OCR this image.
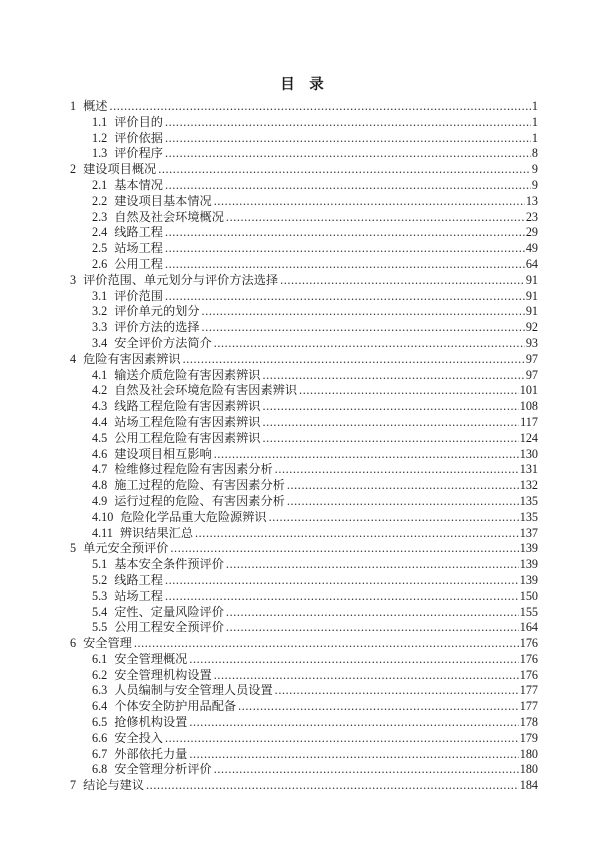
目　录
1 概述 .....	1
1.1 评价目的 .....	1
1.2 评价依据 .....	1
1.3 评价程序 .....	8
2 建设项目概况 .....	9
2.1 基本情况 .....	9
2.2 建设项目基本情况 .....	13
2.3 自然及社会环境概况 .....	23
2.4 线路工程 .....	29
2.5 站场工程 .....	49
2.6 公用工程 .....	64
3 评价范围、单元划分与评价方法选择 .....	91
3.1 评价范围 .....	91
3.2 评价单元的划分 .....	91
3.3 评价方法的选择 .....	92
3.4 安全评价方法简介 .....	93
4 危险有害因素辨识 .....	97
4.1 输送介质危险有害因素辨识 .....	97
4.2 自然及社会环境危险有害因素辨识 .....	101
4.3 线路工程危险有害因素辨识 .....	108
4.4 站场工程危险有害因素辨识 .....	117
4.5 公用工程危险有害因素辨识 .....	124
4.6 建设项目相互影响 .....	130
4.7 检维修过程危险有害因素分析 .....	131
4.8 施工过程的危险、有害因素分析 .....	132
4.9 运行过程的危险、有害因素分析 .....	135
4.10 危险化学品重大危险源辨识 .....	135
4.11 辨识结果汇总 .....	137
5 单元安全预评价 .....	139
5.1 基本安全条件预评价 .....	139
5.2 线路工程 .....	139
5.3 站场工程 .....	150
5.4 定性、定量风险评价 .....	155
5.5 公用工程安全预评价 .....	164
6 安全管理 .....	176
6.1 安全管理概况 .....	176
6.2 安全管理机构设置 .....	176
6.3 人员编制与安全管理人员设置 .....	177
6.4 个体安全防护用品配备 .....	177
6.5 抢修机构设置 .....	178
6.6 安全投入 .....	179
6.7 外部依托力量 .....	180
6.8 安全管理分析评价 .....	180
7 结论与建议 .....	184
